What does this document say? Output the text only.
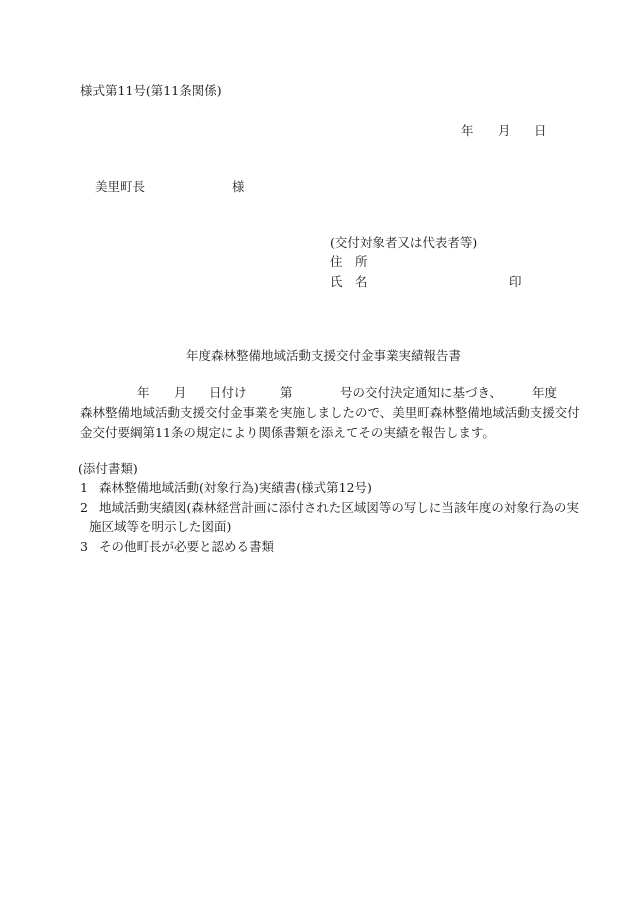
様式第11号(第11条関係)
年 月 日
美里町長	様
(交付対象者又は代表者等)
住　所
氏　名	印
年度森林整備地域活動支援交付金事業実績報告書
年 月 日付け	第	号の交付決定通知に基づき、 年度
森林整備地域活動支援交付金事業を実施しましたので、美里町森林整備地域活動支援交付
金交付要綱第11条の規定により関係書類を添えてその実績を報告します。
(添付書類)
1 森林整備地域活動(対象行為)実績書(様式第12号)
2 地域活動実績図(森林経営計画に添付された区域図等の写しに当該年度の対象行為の実
施区域等を明示した図面)
3 その他町長が必要と認める書類
